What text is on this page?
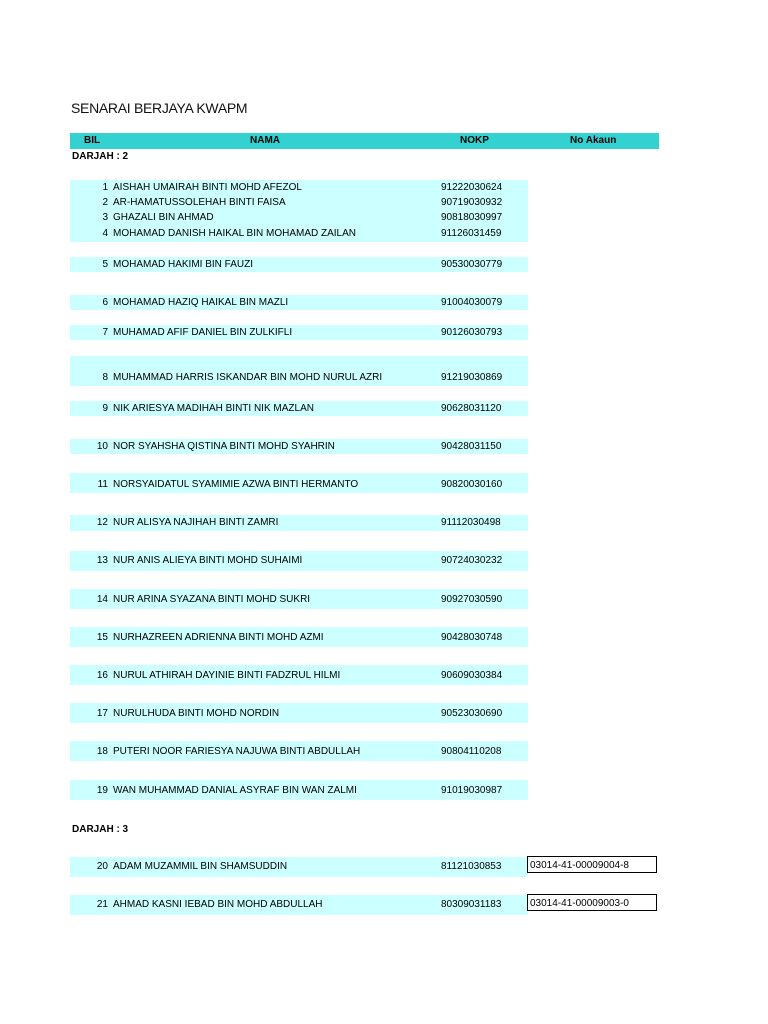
SENARAI BERJAYA KWAPM
BIL	NAMA	NOKP	No Akaun
DARJAH : 2
DARJAH : 3
1 AISHAH UMAIRAH BINTI MOHD AFEZOL	91222030624
2 AR-HAMATUSSOLEHAH BINTI FAISA	90719030932
3 GHAZALI BIN AHMAD	90818030997
4 MOHAMAD DANISH HAIKAL BIN MOHAMAD ZAILAN	91126031459
5 MOHAMAD HAKIMI BIN FAUZI	90530030779
6 MOHAMAD HAZIQ HAIKAL BIN MAZLI	91004030079
7 MUHAMAD AFIF DANIEL BIN ZULKIFLI	90126030793
8 MUHAMMAD HARRIS ISKANDAR BIN MOHD NURUL AZRI	91219030869
9 NIK ARIESYA MADIHAH BINTI NIK MAZLAN	90628031120
10 NOR SYAHSHA QISTINA BINTI MOHD SYAHRIN	90428031150
11 NORSYAIDATUL SYAMIMIE AZWA BINTI HERMANTO	90820030160
12 NUR ALISYA NAJIHAH BINTI ZAMRI	91112030498
13 NUR ANIS ALIEYA BINTI MOHD SUHAIMI	90724030232
14 NUR ARINA SYAZANA BINTI MOHD SUKRI	90927030590
15 NURHAZREEN ADRIENNA BINTI MOHD AZMI	90428030748
16 NURUL ATHIRAH DAYINIE BINTI FADZRUL HILMI	90609030384
17 NURULHUDA BINTI MOHD NORDIN	90523030690
18 PUTERI NOOR FARIESYA NAJUWA BINTI ABDULLAH	90804110208
19 WAN MUHAMMAD DANIAL ASYRAF BIN WAN ZALMI	91019030987
20 ADAM MUZAMMIL BIN SHAMSUDDIN	81121030853	03014-41-00009004-8
21 AHMAD KASNI IEBAD BIN MOHD ABDULLAH	80309031183	03014-41-00009003-0
